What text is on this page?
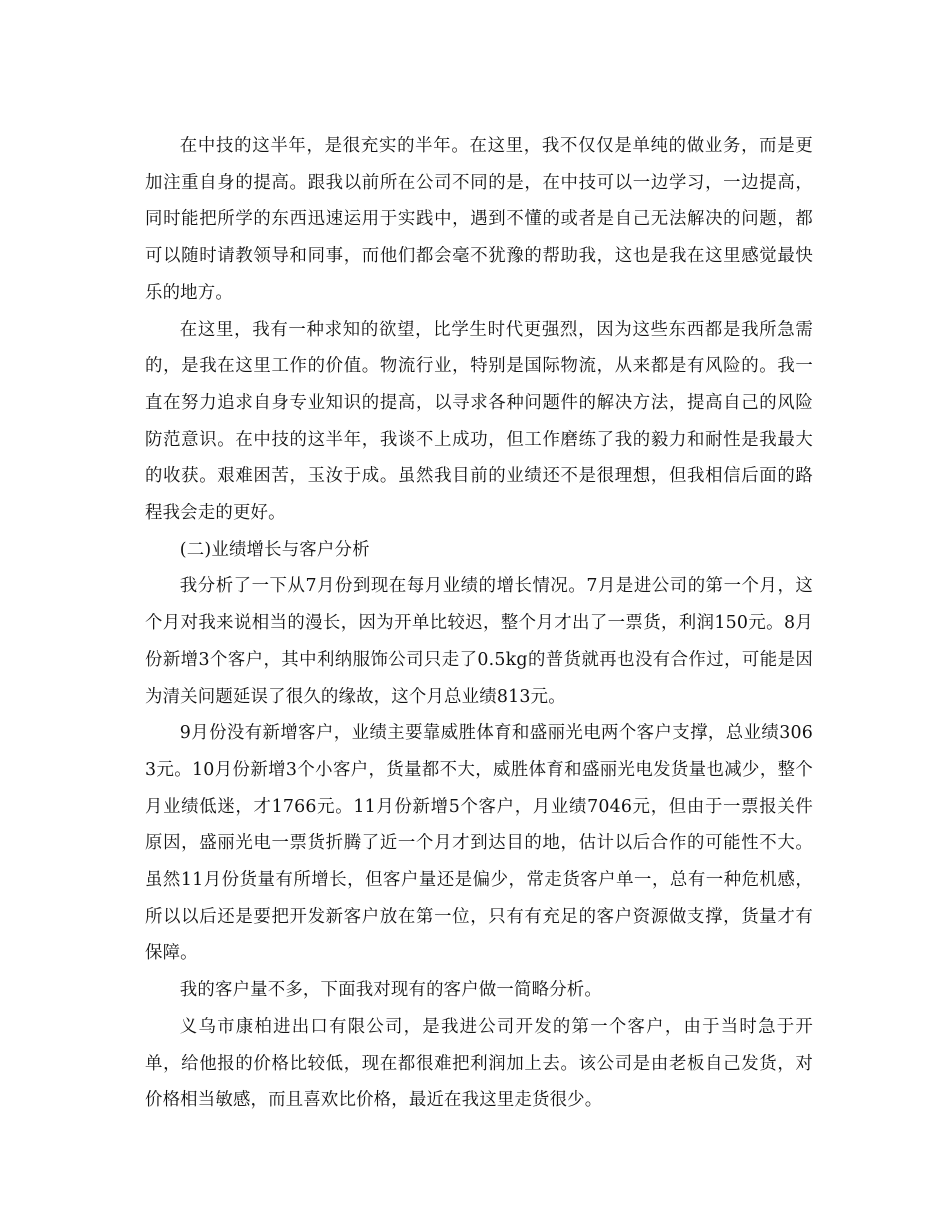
在中技的这半年，是很充实的半年。在这里，我不仅仅是单纯的做业务，而是更加注重自身的提高。跟我以前所在公司不同的是，在中技可以一边学习，一边提高，同时能把所学的东西迅速运用于实践中，遇到不懂的或者是自己无法解决的问题，都可以随时请教领导和同事，而他们都会毫不犹豫的帮助我，这也是我在这里感觉最快乐的地方。

在这里，我有一种求知的欲望，比学生时代更强烈，因为这些东西都是我所急需的，是我在这里工作的价值。物流行业，特别是国际物流，从来都是有风险的。我一直在努力追求自身专业知识的提高，以寻求各种问题件的解决方法，提高自己的风险防范意识。在中技的这半年，我谈不上成功，但工作磨练了我的毅力和耐性是我最大的收获。艰难困苦，玉汝于成。虽然我目前的业绩还不是很理想，但我相信后面的路程我会走的更好。

(二)业绩增长与客户分析

我分析了一下从7月份到现在每月业绩的增长情况。7月是进公司的第一个月，这个月对我来说相当的漫长，因为开单比较迟，整个月才出了一票货，利润150元。8月份新增3个客户，其中利纳服饰公司只走了0.5kg的普货就再也没有合作过，可能是因为清关问题延误了很久的缘故，这个月总业绩813元。

9月份没有新增客户，业绩主要靠威胜体育和盛丽光电两个客户支撑，总业绩3063元。10月份新增3个小客户，货量都不大，威胜体育和盛丽光电发货量也减少，整个月业绩低迷，才1766元。11月份新增5个客户，月业绩7046元，但由于一票报关件原因，盛丽光电一票货折腾了近一个月才到达目的地，估计以后合作的可能性不大。虽然11月份货量有所增长，但客户量还是偏少，常走货客户单一，总有一种危机感，所以以后还是要把开发新客户放在第一位，只有有充足的客户资源做支撑，货量才有保障。

我的客户量不多，下面我对现有的客户做一简略分析。

义乌市康柏进出口有限公司，是我进公司开发的第一个客户，由于当时急于开单，给他报的价格比较低，现在都很难把利润加上去。该公司是由老板自己发货，对价格相当敏感，而且喜欢比价格，最近在我这里走货很少。
